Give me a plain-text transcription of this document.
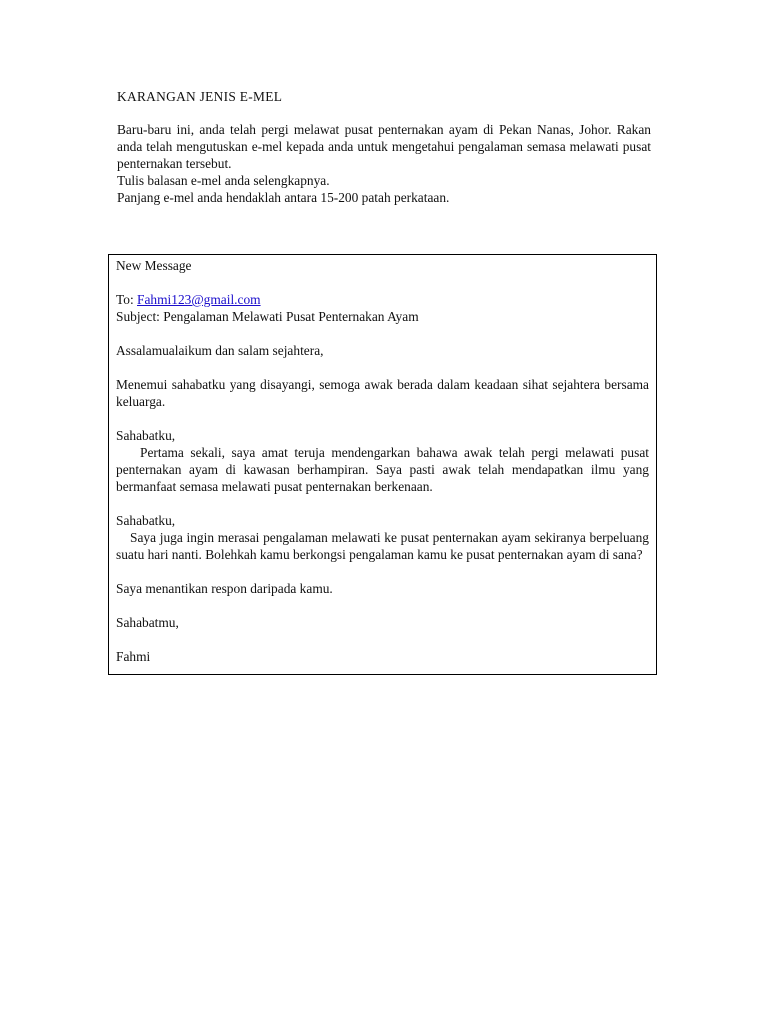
KARANGAN JENIS E-MEL

Baru-baru ini, anda telah pergi melawat pusat penternakan ayam di Pekan Nanas, Johor. Rakan anda telah mengutuskan e-mel kepada anda untuk mengetahui pengalaman semasa melawati pusat penternakan tersebut.

Tulis balasan e-mel anda selengkapnya.

Panjang e-mel anda hendaklah antara 15-200 patah perkataan.

New Message

To: Fahmi123@gmail.com

Subject: Pengalaman Melawati Pusat Penternakan Ayam

Assalamualaikum dan salam sejahtera,

Menemui sahabatku yang disayangi, semoga awak berada dalam keadaan sihat sejahtera bersama keluarga.

Sahabatku,

Pertama sekali, saya amat teruja mendengarkan bahawa awak telah pergi melawati pusat penternakan ayam di kawasan berhampiran. Saya pasti awak telah mendapatkan ilmu yang bermanfaat semasa melawati pusat penternakan berkenaan.

Sahabatku,

Saya juga ingin merasai pengalaman melawati ke pusat penternakan ayam sekiranya berpeluang suatu hari nanti. Bolehkah kamu berkongsi pengalaman kamu ke pusat penternakan ayam di sana?

Saya menantikan respon daripada kamu.

Sahabatmu,

Fahmi
